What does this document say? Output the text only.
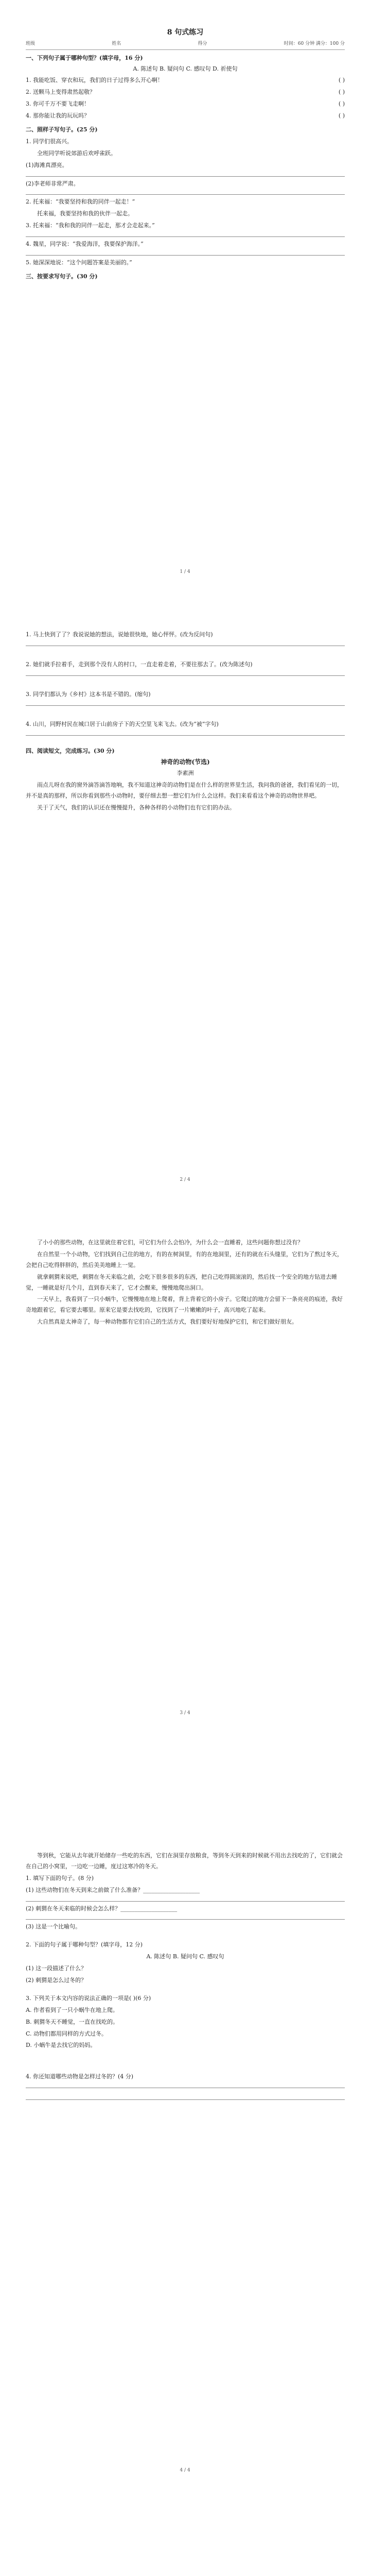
8 句式练习
班级	姓名	得分	时间：60 分钟 满分：100 分
一、下列句子属于哪种句型？(填字母，16 分)
A. 陈述句 B. 疑问句 C. 感叹句 D. 祈使句
1. 我能吃饭、穿衣和玩，我们的日子过得多么开心啊！	( )
2. 送颗马上变得肃然起敬？	( )
3. 你可千万不要飞走啊！	( )
4. 那你能让我的玩玩吗？	( )
二、照样子写句子。(25 分)
1. 同学们很高兴。
全班同学听说郊游后欢呼雀跃。
(1)海滩真漂亮。
(2)李老师非常严肃。
2. 托来福：“我要坚持和我的同伴一起走！”
托来福，我要坚持和我的伙伴一起走。
3. 托来福：“我和我的同伴一起走，那才会走起来。”
4. 魏星，同学说：“我爱海洋，我要保护海洋。”
5. 她深深地说：“这个问题答案是美丽的。”
三、按要求写句子。(30 分)
1 / 4
1. 马上快到了了？我说说她的想法，说她很快地，她心怦怦。(改为反问句)
2. 她们就手拉着手，走到那个没有人的村口，一直走着走着，不要往那去了。(改为陈述句)
3. 同学们都认为《乡村》这本书是不错的。(缩句)
4. 山川，同野村民在城口居于山前房子下的天空里飞来飞去。(改为“被”字句)
四、阅读短文，完成练习。(30 分)
神奇的动物(节选)
李素洲
雨点儿呀在我的窗外滴答滴答地响，我不知道这神奇的动物们是在什么样的世界里生活，我问我的爸爸，我们看见的一切，并不是真的那样，所以你看到那些小动物时，要仔细去想一想它们为什么会这样。我们来看看这个神奇的动物世界吧。
关于了天气，我们的认识还在慢慢提升，各种各样的小动物们也有它们的办法。
2 / 4
了小小的那些动物，在这里就住着它们，可它们为什么会怕冷，为什么会一直睡着，这些问题你想过没有？
在自然里一个小动物，它们找到自己住的地方，有的在树洞里，有的在地洞里，还有的就在石头缝里，它们为了熬过冬天，会把自己吃得胖胖的，然后美美地睡上一觉。
就拿刺猬来说吧，刺猬在冬天来临之前，会吃下很多很多的东西，把自己吃得圆滚滚的，然后找一个安全的地方钻进去睡觉，一睡就是好几个月，直到春天来了，它才会醒来，慢慢地爬出洞口。
一天早上，我看到了一只小蜗牛，它慢慢地在地上爬着，背上背着它的小房子。它爬过的地方会留下一条亮亮的痕迹，我好奇地跟着它，看它要去哪里。原来它是要去找吃的，它找到了一片嫩嫩的叶子，高兴地吃了起来。
大自然真是太神奇了，每一种动物都有它们自己的生活方式，我们要好好地保护它们，和它们做好朋友。
3 / 4
等到秋，它能从去年就开始储存一些吃的东西，它们在洞里存放粮食，等到冬天到来的时候就不用出去找吃的了，它们就会在自己的小窝里，一边吃一边睡，度过这寒冷的冬天。
1. 填写下面的句子。(8 分)
(1) 这些动物们在冬天到来之前做了什么准备？____________________
(2) 刺猬在冬天来临的时候会怎么样？____________________
(3) 这是一个比喻句。
2. 下面的句子属于哪种句型？(填字母，12 分)
A. 陈述句 B. 疑问句 C. 感叹句
(1) 这一段描述了什么？
(2) 刺猬是怎么过冬的？
3. 下列关于本文内容的说法正确的一项是( )(6 分)
A. 作者看到了一只小蜗牛在地上爬。
B. 刺猬冬天不睡觉，一直在找吃的。
C. 动物们都用同样的方式过冬。
D. 小蜗牛是去找它的妈妈。
4. 你还知道哪些动物是怎样过冬的？(4 分)
4 / 4
